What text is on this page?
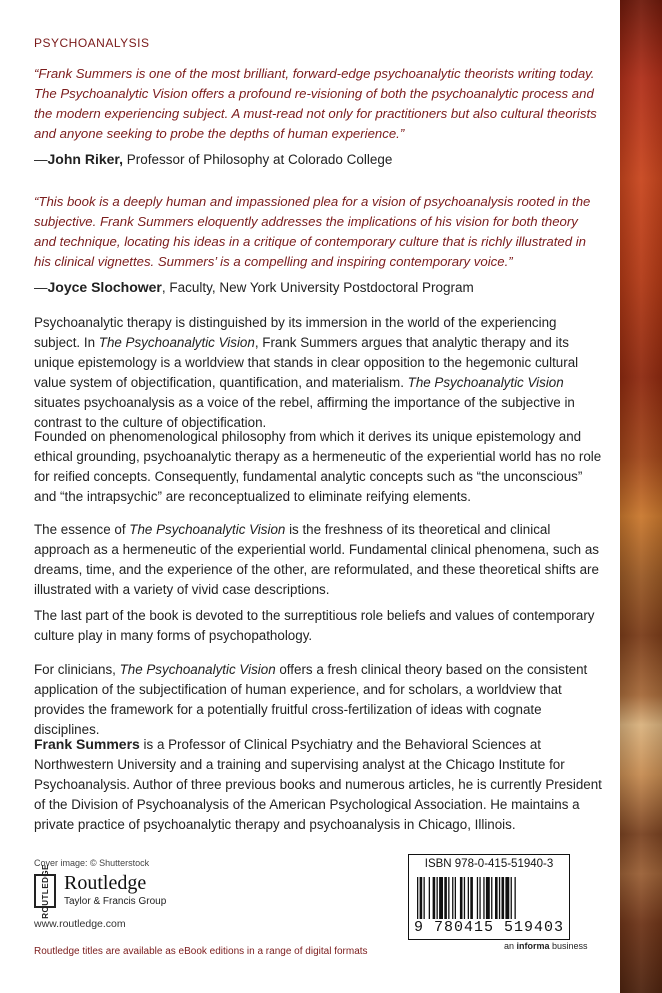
PSYCHOANALYSIS
“Frank Summers is one of the most brilliant, forward-edge psychoanalytic theorists writing today. The Psychoanalytic Vision offers a profound re-visioning of both the psychoanalytic process and the modern experiencing subject. A must-read not only for practitioners but also cultural theorists and anyone seeking to probe the depths of human experience.”
—John Riker, Professor of Philosophy at Colorado College
“This book is a deeply human and impassioned plea for a vision of psychoanalysis rooted in the subjective. Frank Summers eloquently addresses the implications of his vision for both theory and technique, locating his ideas in a critique of contemporary culture that is richly illustrated in his clinical vignettes. Summers’ is a compelling and inspiring contemporary voice.”
—Joyce Slochower, Faculty, New York University Postdoctoral Program
Psychoanalytic therapy is distinguished by its immersion in the world of the experiencing subject. In The Psychoanalytic Vision, Frank Summers argues that analytic therapy and its unique epistemology is a worldview that stands in clear opposition to the hegemonic cultural value system of objectification, quantification, and materialism. The Psychoanalytic Vision situates psychoanalysis as a voice of the rebel, affirming the importance of the subjective in contrast to the culture of objectification.
Founded on phenomenological philosophy from which it derives its unique epistemology and ethical grounding, psychoanalytic therapy as a hermeneutic of the experiential world has no role for reified concepts. Consequently, fundamental analytic concepts such as “the unconscious” and “the intrapsychic” are reconceptualized to eliminate reifying elements.
The essence of The Psychoanalytic Vision is the freshness of its theoretical and clinical approach as a hermeneutic of the experiential world. Fundamental clinical phenomena, such as dreams, time, and the experience of the other, are reformulated, and these theoretical shifts are illustrated with a variety of vivid case descriptions.
The last part of the book is devoted to the surreptitious role beliefs and values of contemporary culture play in many forms of psychopathology.
For clinicians, The Psychoanalytic Vision offers a fresh clinical theory based on the consistent application of the subjectification of human experience, and for scholars, a worldview that provides the framework for a potentially fruitful cross-fertilization of ideas with cognate disciplines.
Frank Summers is a Professor of Clinical Psychiatry and the Behavioral Sciences at Northwestern University and a training and supervising analyst at the Chicago Institute for Psychoanalysis. Author of three previous books and numerous articles, he is currently President of the Division of Psychoanalysis of the American Psychological Association. He maintains a private practice of psychoanalytic therapy and psychoanalysis in Chicago, Illinois.
Cover image: © Shutterstock
ROUTLEDGE Routledge
Taylor & Francis Group
www.routledge.com
Routledge titles are available as eBook editions in a range of digital formats
ISBN 978-0-415-51940-3
9 780415 519403
an informa business
